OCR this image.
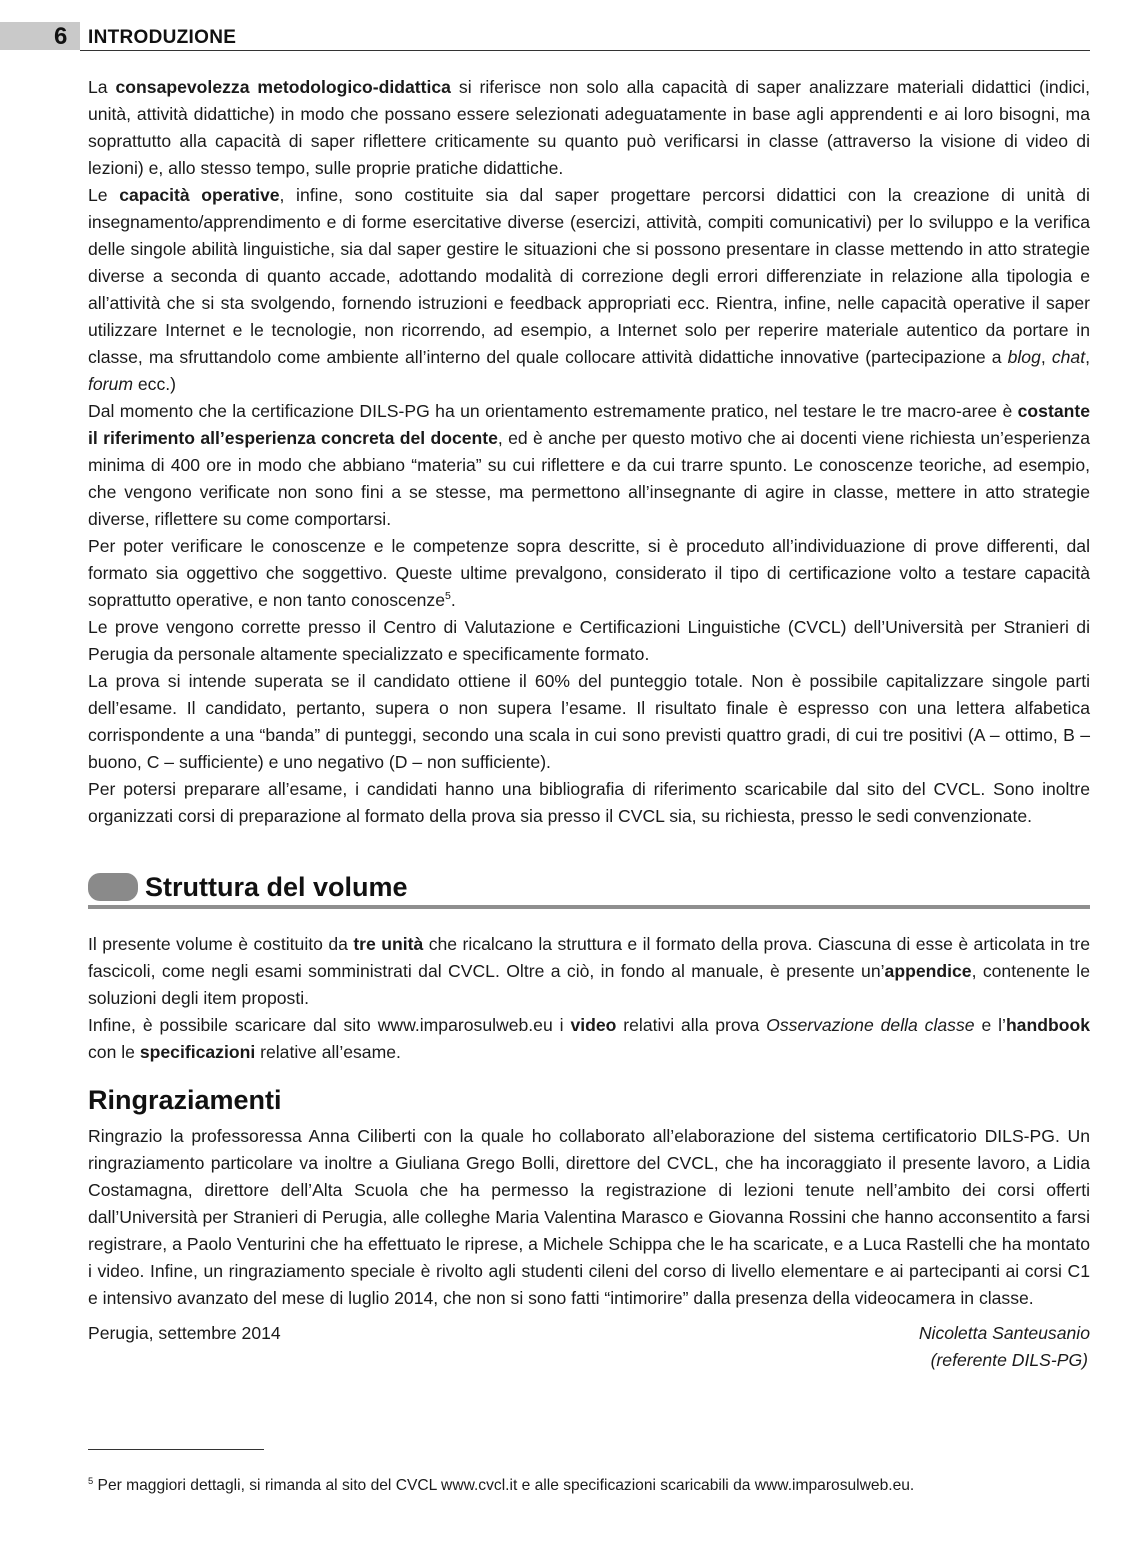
6 INTRODUZIONE

La consapevolezza metodologico-didattica si riferisce non solo alla capacità di saper analizzare materiali didattici (indici, unità, attività didattiche) in modo che possano essere selezionati adeguatamente in base agli apprendenti e ai loro bisogni, ma soprattutto alla capacità di saper riflettere criticamente su quanto può verificarsi in classe (attraverso la visione di video di lezioni) e, allo stesso tempo, sulle proprie pratiche didattiche.

Le capacità operative, infine, sono costituite sia dal saper progettare percorsi didattici con la creazione di unità di insegnamento/apprendimento e di forme esercitative diverse (esercizi, attività, compiti comunicativi) per lo sviluppo e la verifica delle singole abilità linguistiche, sia dal saper gestire le situazioni che si possono presentare in classe mettendo in atto strategie diverse a seconda di quanto accade, adottando modalità di correzione degli errori differenziate in relazione alla tipologia e all’attività che si sta svolgendo, fornendo istruzioni e feedback appropriati ecc. Rientra, infine, nelle capacità operative il saper utilizzare Internet e le tecnologie, non ricorrendo, ad esempio, a Internet solo per reperire materiale autentico da portare in classe, ma sfruttandolo come ambiente all’interno del quale collocare attività didattiche innovative (partecipazione a blog, chat, forum ecc.)

Dal momento che la certificazione DILS-PG ha un orientamento estremamente pratico, nel testare le tre macro-aree è costante il riferimento all’esperienza concreta del docente, ed è anche per questo motivo che ai docenti viene richiesta un’esperienza minima di 400 ore in modo che abbiano “materia” su cui riflettere e da cui trarre spunto. Le conoscenze teoriche, ad esempio, che vengono verificate non sono fini a se stesse, ma permettono all’insegnante di agire in classe, mettere in atto strategie diverse, riflettere su come comportarsi.

Per poter verificare le conoscenze e le competenze sopra descritte, si è proceduto all’individuazione di prove differenti, dal formato sia oggettivo che soggettivo. Queste ultime prevalgono, considerato il tipo di certificazione volto a testare capacità soprattutto operative, e non tanto conoscenze$^5$.

Le prove vengono corrette presso il Centro di Valutazione e Certificazioni Linguistiche (CVCL) dell’Università per Stranieri di Perugia da personale altamente specializzato e specificamente formato.

La prova si intende superata se il candidato ottiene il 60% del punteggio totale. Non è possibile capitalizzare singole parti dell’esame. Il candidato, pertanto, supera o non supera l’esame. Il risultato finale è espresso con una lettera alfabetica corrispondente a una “banda” di punteggi, secondo una scala in cui sono previsti quattro gradi, di cui tre positivi (A – ottimo, B – buono, C – sufficiente) e uno negativo (D – non sufficiente).

Per potersi preparare all’esame, i candidati hanno una bibliografia di riferimento scaricabile dal sito del CVCL. Sono inoltre organizzati corsi di preparazione al formato della prova sia presso il CVCL sia, su richiesta, presso le sedi convenzionate.

Struttura del volume

Il presente volume è costituito da tre unità che ricalcano la struttura e il formato della prova. Ciascuna di esse è articolata in tre fascicoli, come negli esami somministrati dal CVCL. Oltre a ciò, in fondo al manuale, è presente un’appendice, contenente le soluzioni degli item proposti.

Infine, è possibile scaricare dal sito www.imparosulweb.eu i video relativi alla prova Osservazione della classe e l’handbook con le specificazioni relative all’esame.

Ringraziamenti

Ringrazio la professoressa Anna Ciliberti con la quale ho collaborato all’elaborazione del sistema certificatorio DILS-PG. Un ringraziamento particolare va inoltre a Giuliana Grego Bolli, direttore del CVCL, che ha incoraggiato il presente lavoro, a Lidia Costamagna, direttore dell’Alta Scuola che ha permesso la registrazione di lezioni tenute nell’ambito dei corsi offerti dall’Università per Stranieri di Perugia, alle colleghe Maria Valentina Marasco e Giovanna Rossini che hanno acconsentito a farsi registrare, a Paolo Venturini che ha effettuato le riprese, a Michele Schippa che le ha scaricate, e a Luca Rastelli che ha montato i video. Infine, un ringraziamento speciale è rivolto agli studenti cileni del corso di livello elementare e ai partecipanti ai corsi C1 e intensivo avanzato del mese di luglio 2014, che non si sono fatti “intimorire” dalla presenza della videocamera in classe.

Perugia, settembre 2014	Nicoletta Santeusanio
(referente DILS-PG)
$^5$ Per maggiori dettagli, si rimanda al sito del CVCL www.cvcl.it e alle specificazioni scaricabili da www.imparosulweb.eu.
